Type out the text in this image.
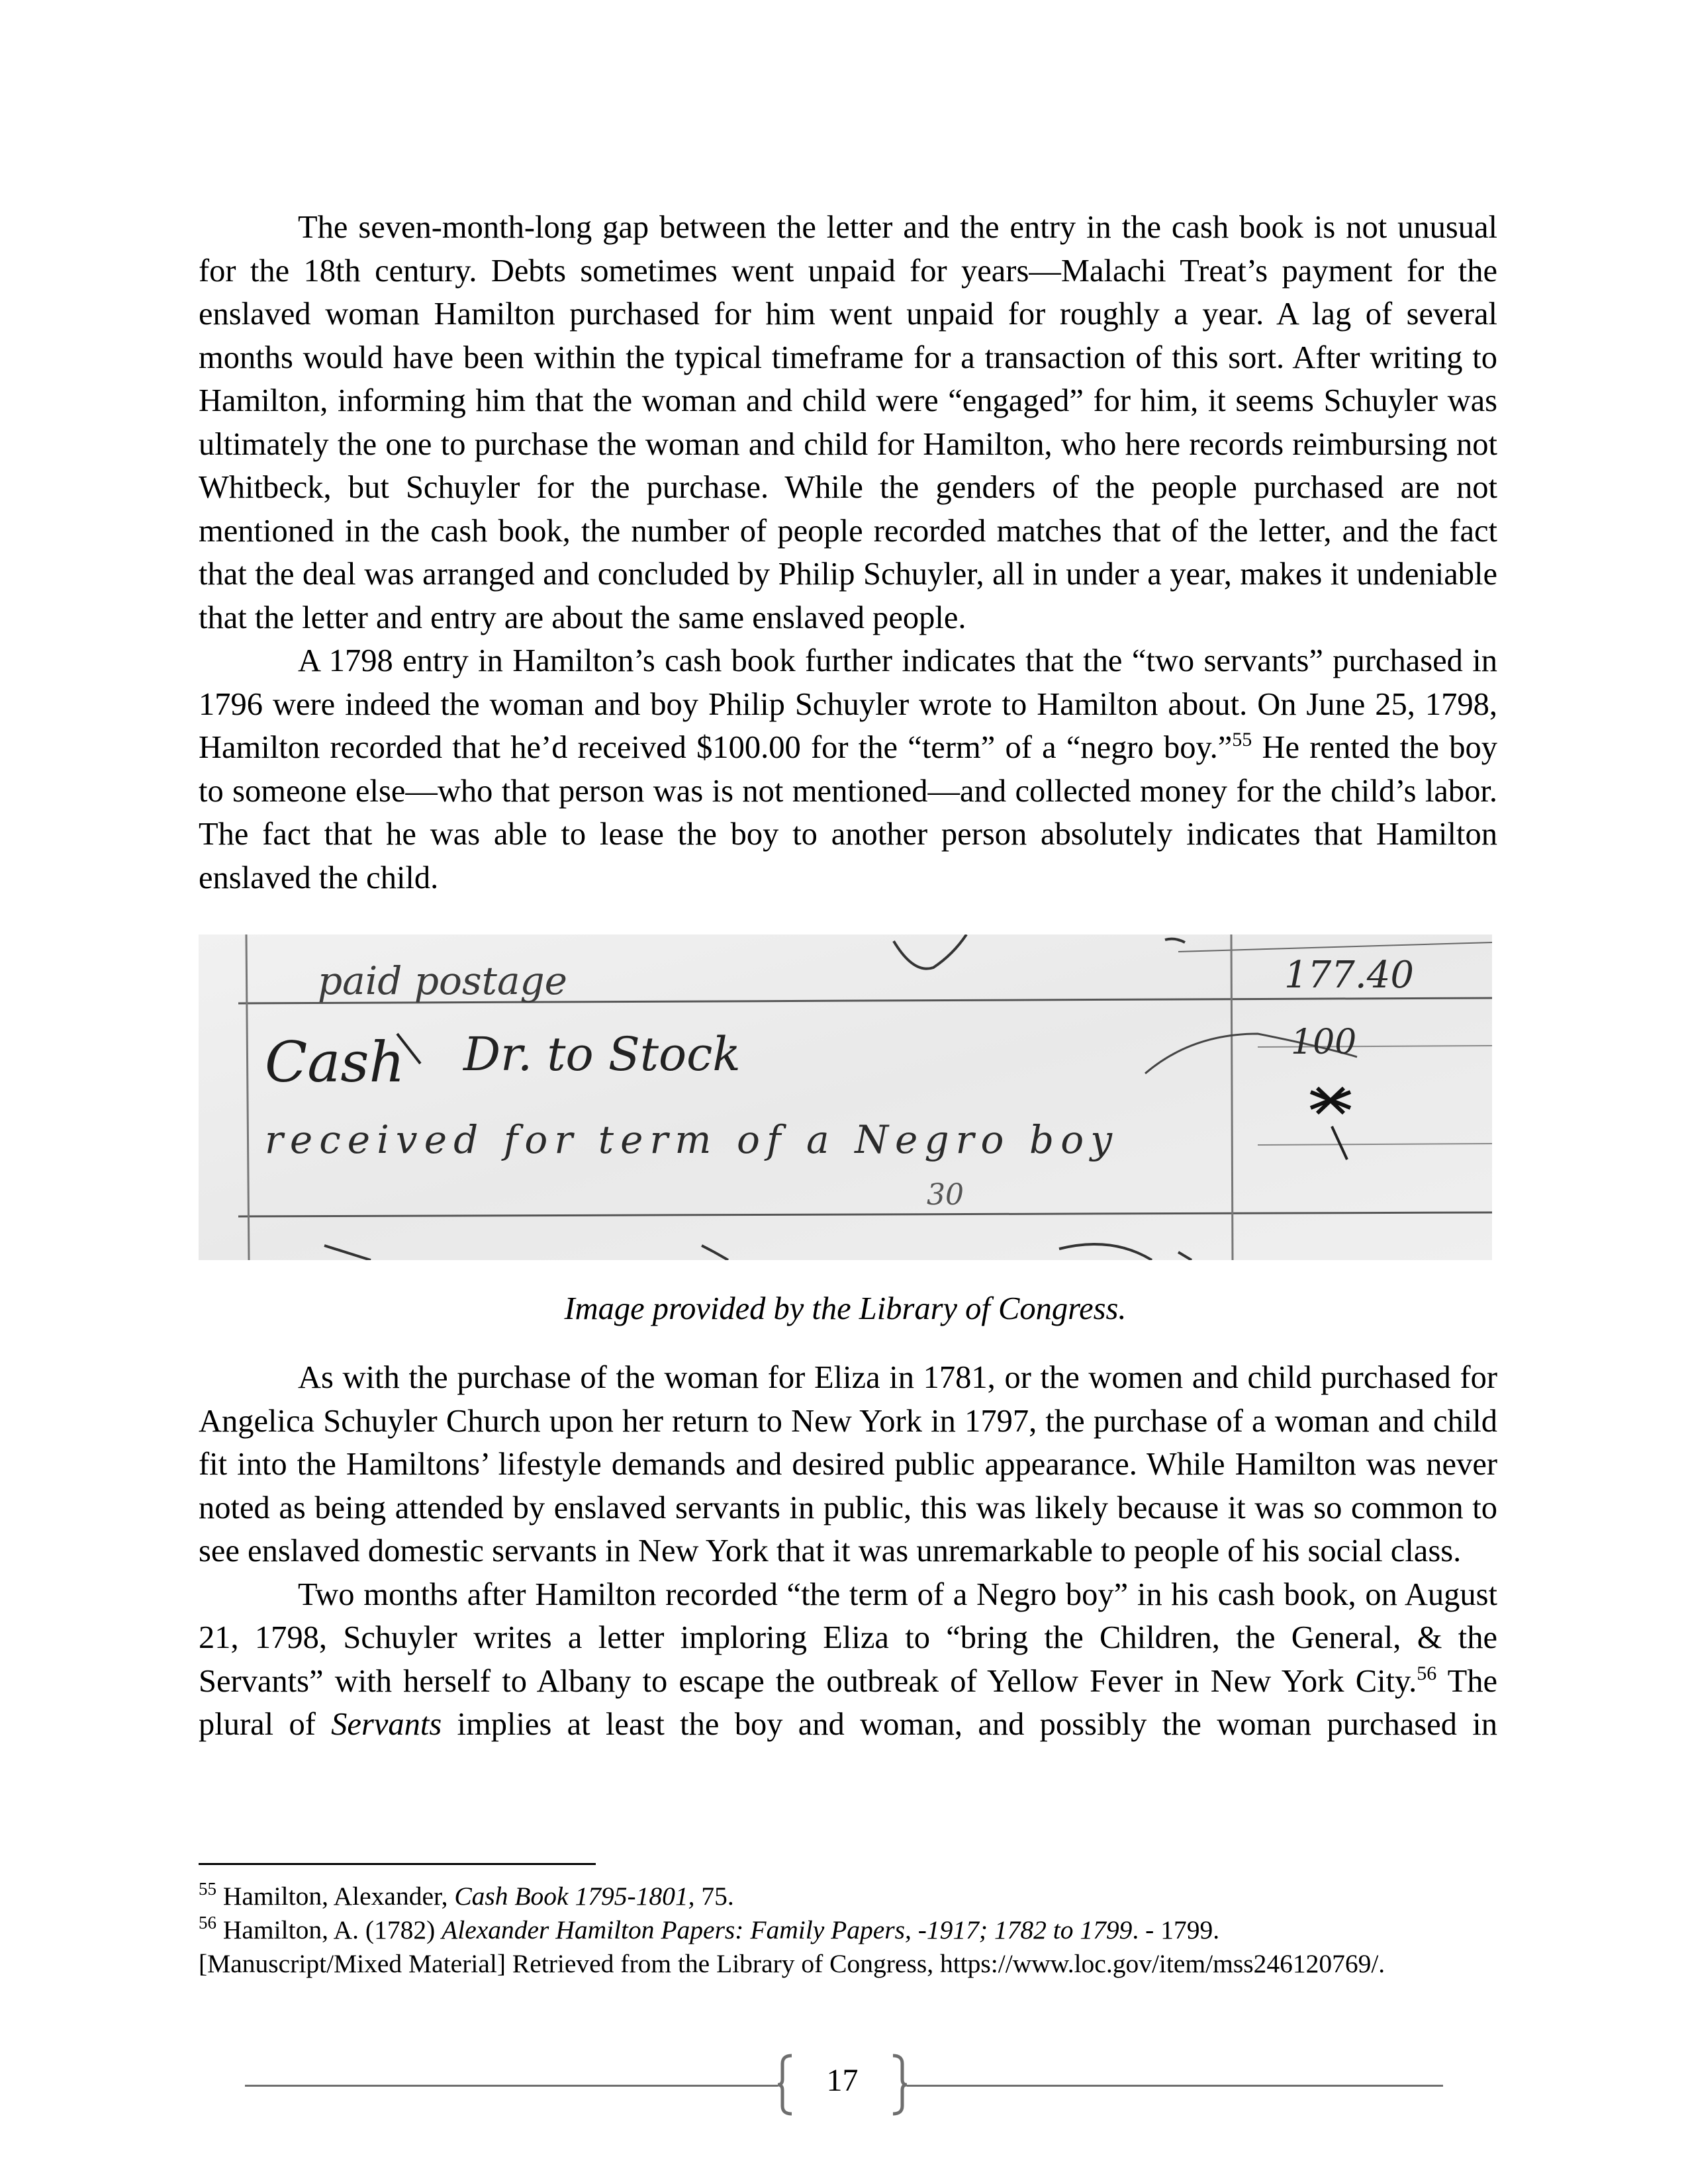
The seven-month-long gap between the letter and the entry in the cash book is not unusual for the 18th century. Debts sometimes went unpaid for years—Malachi Treat’s payment for the enslaved woman Hamilton purchased for him went unpaid for roughly a year. A lag of several months would have been within the typical timeframe for a transaction of this sort. After writing to Hamilton, informing him that the woman and child were “engaged” for him, it seems Schuyler was ultimately the one to purchase the woman and child for Hamilton, who here records reimbursing not Whitbeck, but Schuyler for the purchase. While the genders of the people purchased are not mentioned in the cash book, the number of people recorded matches that of the letter, and the fact that the deal was arranged and concluded by Philip Schuyler, all in under a year, makes it undeniable that the letter and entry are about the same enslaved people.

A 1798 entry in Hamilton’s cash book further indicates that the “two servants” purchased in 1796 were indeed the woman and boy Philip Schuyler wrote to Hamilton about. On June 25, 1798, Hamilton recorded that he’d received $100.00 for the “term” of a “negro boy.”$^{55}$ He rented the boy to someone else—who that person was is not mentioned—and collected money for the child’s labor. The fact that he was able to lease the boy to another person absolutely indicates that Hamilton enslaved the child.

paid postage	177.40
Cash Dr. to Stock
received for term of a Negro boy
100
30
Image provided by the Library of Congress.

As with the purchase of the woman for Eliza in 1781, or the women and child purchased for Angelica Schuyler Church upon her return to New York in 1797, the purchase of a woman and child fit into the Hamiltons’ lifestyle demands and desired public appearance. While Hamilton was never noted as being attended by enslaved servants in public, this was likely because it was so common to see enslaved domestic servants in New York that it was unremarkable to people of his social class.

Two months after Hamilton recorded “the term of a Negro boy” in his cash book, on August 21, 1798, Schuyler writes a letter imploring Eliza to “bring the Children, the General, & the Servants” with herself to Albany to escape the outbreak of Yellow Fever in New York City.$^{56}$ The plural of Servants implies at least the boy and woman, and possibly the woman purchased in

$^{55}$ Hamilton, Alexander, Cash Book 1795-1801, 75.

$^{56}$ Hamilton, A. (1782) Alexander Hamilton Papers: Family Papers, -1917; 1782 to 1799. - 1799.

[Manuscript/Mixed Material] Retrieved from the Library of Congress, https://www.loc.gov/item/mss246120769/.

17
